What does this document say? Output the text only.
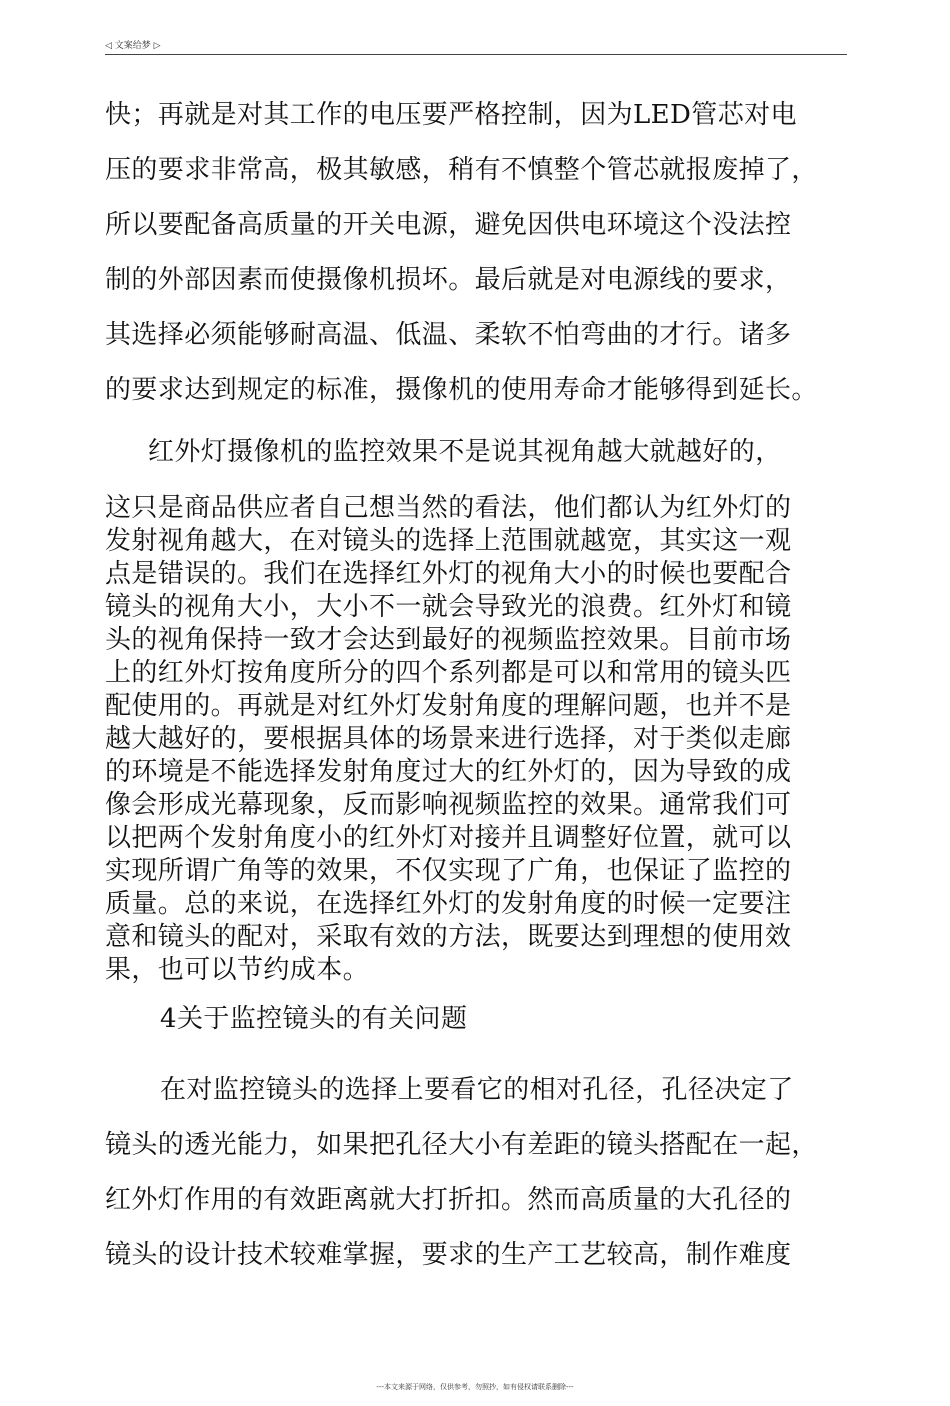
◁ 文案给梦 ▷
快；再就是对其工作的电压要严格控制，因为LED管芯对电
压的要求非常高，极其敏感，稍有不慎整个管芯就报废掉了，
所以要配备高质量的开关电源，避免因供电环境这个没法控
制的外部因素而使摄像机损坏。最后就是对电源线的要求，
其选择必须能够耐高温、低温、柔软不怕弯曲的才行。诸多
的要求达到规定的标准，摄像机的使用寿命才能够得到延长。
红外灯摄像机的监控效果不是说其视角越大就越好的，
这只是商品供应者自己想当然的看法，他们都认为红外灯的
发射视角越大，在对镜头的选择上范围就越宽，其实这一观
点是错误的。我们在选择红外灯的视角大小的时候也要配合
镜头的视角大小，大小不一就会导致光的浪费。红外灯和镜
头的视角保持一致才会达到最好的视频监控效果。目前市场
上的红外灯按角度所分的四个系列都是可以和常用的镜头匹
配使用的。再就是对红外灯发射角度的理解问题，也并不是
越大越好的，要根据具体的场景来进行选择，对于类似走廊
的环境是不能选择发射角度过大的红外灯的，因为导致的成
像会形成光幕现象，反而影响视频监控的效果。通常我们可
以把两个发射角度小的红外灯对接并且调整好位置，就可以
实现所谓广角等的效果，不仅实现了广角，也保证了监控的
质量。总的来说，在选择红外灯的发射角度的时候一定要注
意和镜头的配对，采取有效的方法，既要达到理想的使用效
果，也可以节约成本。
4关于监控镜头的有关问题
在对监控镜头的选择上要看它的相对孔径，孔径决定了
镜头的透光能力，如果把孔径大小有差距的镜头搭配在一起，
红外灯作用的有效距离就大打折扣。然而高质量的大孔径的
镜头的设计技术较难掌握，要求的生产工艺较高，制作难度
---本文来源于网络，仅供参考，勿照抄，如有侵权请联系删除---
